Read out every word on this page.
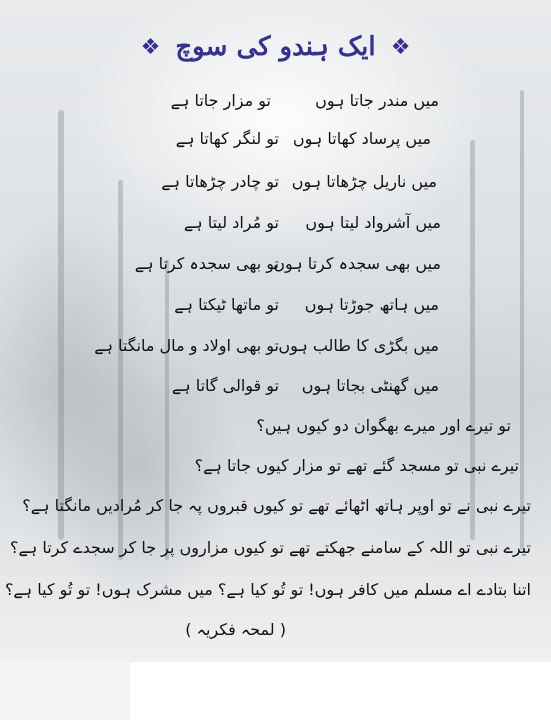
❖ ایک ہندو کی سوچ ❖
میں مندر جاتا ہوں
میں پرساد کھاتا ہوں
میں ناریل چڑھاتا ہوں
میں آشرواد لیتا ہوں
میں بھی سجدہ کرتا ہوں
میں ہاتھ جوڑتا ہوں
میں بگڑی کا طالب ہوں
میں گھنٹی بجاتا ہوں
تو مزار جاتا ہے
تو لنگر کھاتا ہے
تو چادر چڑھاتا ہے
تو مُراد لیتا ہے
تو بھی سجدہ کرتا ہے
تو ماتھا ٹیکتا ہے
تو بھی اولاد و مال مانگتا ہے
تو قوالی گاتا ہے
تو تیرے اور میرے بھگوان دو کیوں ہیں؟
تیرے نبی تو مسجد گئے تھے تو مزار کیوں جاتا ہے؟
تیرے نبی نے تو اوپر ہاتھ اٹھائے تھے تو کیوں قبروں پہ جا کر مُرادیں مانگتا ہے؟
تیرے نبی تو اللہ کے سامنے جھکتے تھے تو کیوں مزاروں پر جا کر سجدے کرتا ہے؟
اتنا بتادے اے مسلم میں کافر ہوں! تو تُو کیا ہے؟ میں مشرک ہوں! تو تُو کیا ہے؟
( لمحہ فکریہ )
